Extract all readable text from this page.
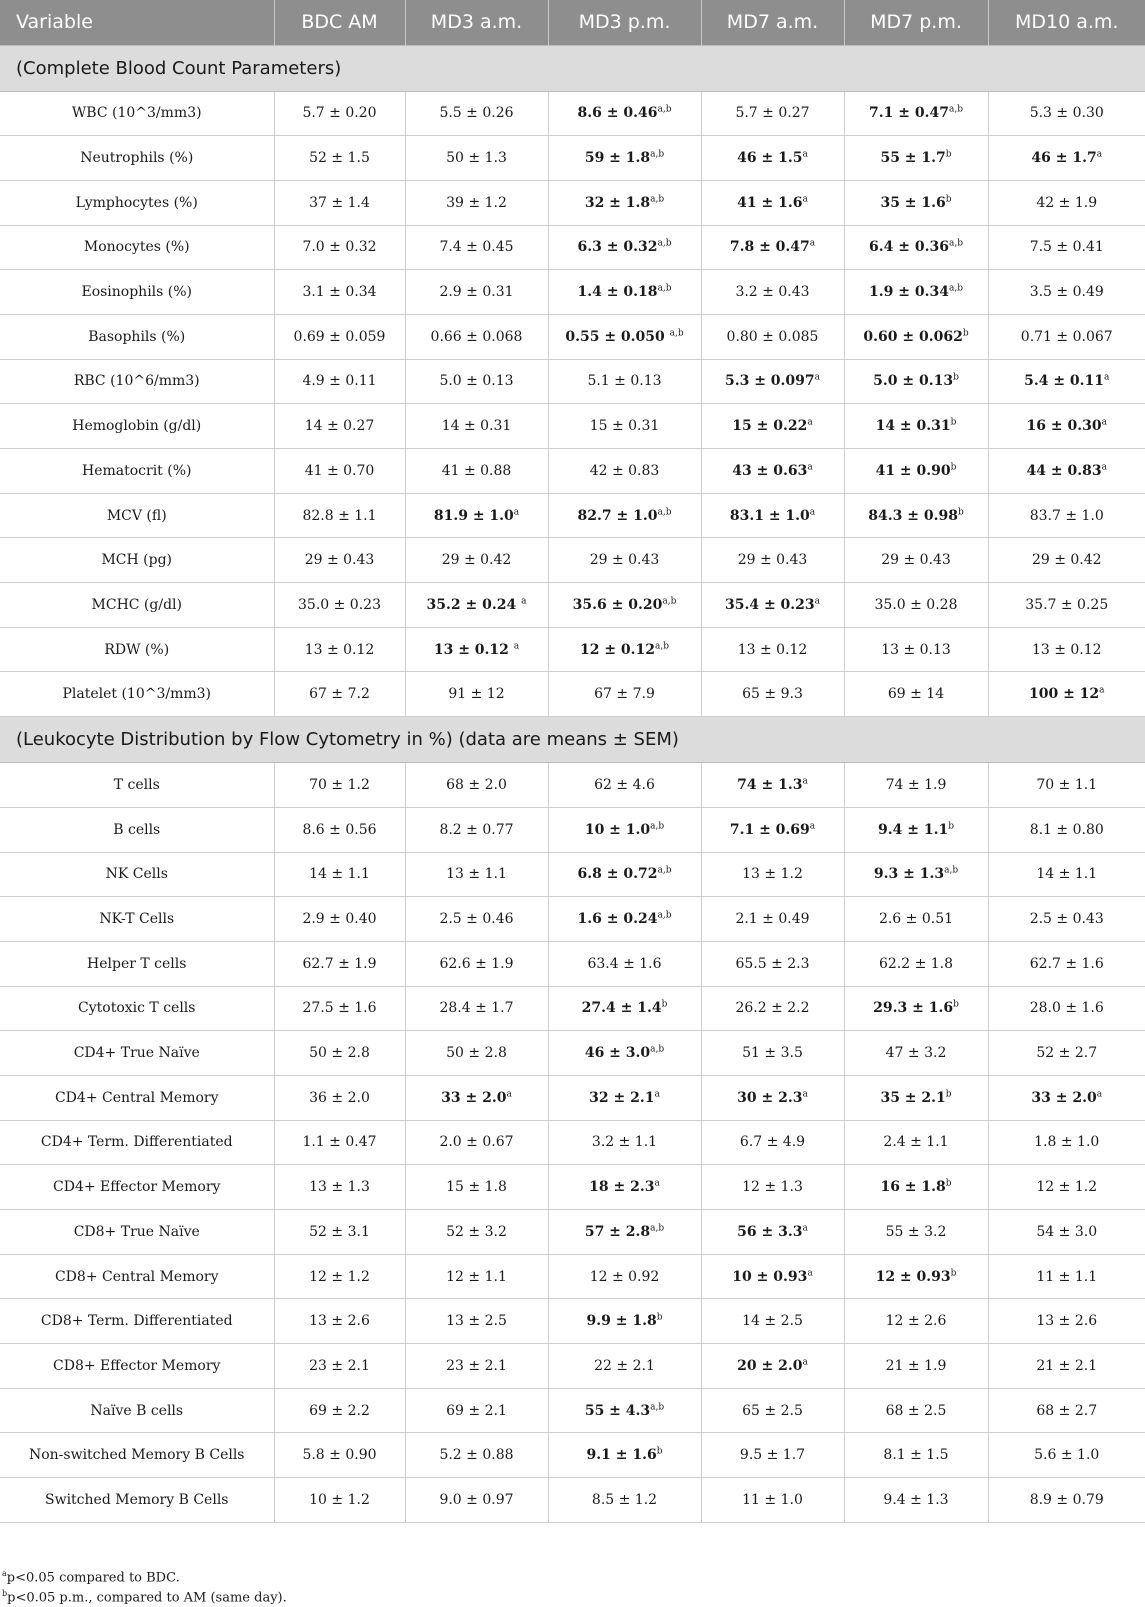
Variable	BDC AM	MD3 a.m.	MD3 p.m.	MD7 a.m.	MD7 p.m.	MD10 a.m.
(Complete Blood Count Parameters)						
WBC (10^3/mm3)	5.7 ± 0.20	5.5 ± 0.26	$8.6 \pm 0.46^{a,b}$	5.7 ± 0.27	$7.1 \pm 0.47^{a,b}$	5.3 ± 0.30
Neutrophils (%)	52 ± 1.5	50 ± 1.3	$59 \pm 1.8^{a,b}$	46 ± 1.5$^a$	55 ± 1.7$^b$	46 ± 1.7$^a$
Lymphocytes (%)	37 ± 1.4	39 ± 1.2	$32 \pm 1.8^{a,b}$	41 ± 1.6$^a$	35 ± 1.6$^b$	42 ± 1.9
Monocytes (%)	7.0 ± 0.32	7.4 ± 0.45	$6.3 \pm 0.32^{a,b}$	7.8 ± 0.47$^a$	$6.4 \pm 0.36^{a,b}$	7.5 ± 0.41
Eosinophils (%)	3.1 ± 0.34	2.9 ± 0.31	$1.4 \pm 0.18^{a,b}$	3.2 ± 0.43	$1.9 \pm 0.34^{a,b}$	3.5 ± 0.49
Basophils (%)	0.69 ± 0.059	0.66 ± 0.068	0.55 ± 0.050 $^{a,b}$	0.80 ± 0.085	0.60 ± 0.062$^b$	0.71 ± 0.067
RBC (10^6/mm3)	4.9 ± 0.11	5.0 ± 0.13	5.1 ± 0.13	5.3 ± 0.097$^a$	5.0 ± 0.13$^b$	5.4 ± 0.11$^a$
Hemoglobin (g/dl)	14 ± 0.27	14 ± 0.31	15 ± 0.31	15 ± 0.22$^a$	14 ± 0.31$^b$	16 ± 0.30$^a$
Hematocrit (%)	41 ± 0.70	41 ± 0.88	42 ± 0.83	43 ± 0.63$^a$	41 ± 0.90$^b$	44 ± 0.83$^a$
MCV (fl)	82.8 ± 1.1	81.9 ± 1.0$^a$	$82.7 \pm 1.0^{a,b}$	83.1 ± 1.0$^a$	84.3 ± 0.98$^b$	83.7 ± 1.0
MCH (pg)	29 ± 0.43	29 ± 0.42	29 ± 0.43	29 ± 0.43	29 ± 0.43	29 ± 0.42
MCHC (g/dl)	35.0 ± 0.23	35.2 ± 0.24 $^a$	$35.6 \pm 0.20^{a,b}$	35.4 ± 0.23$^a$	35.0 ± 0.28	35.7 ± 0.25
RDW (%)	13 ± 0.12	13 ± 0.12 $^a$	$12 \pm 0.12^{a,b}$	13 ± 0.12	13 ± 0.13	13 ± 0.12
Platelet (10^3/mm3)	67 ± 7.2	91 ± 12	67 ± 7.9	65 ± 9.3	69 ± 14	$100 \pm 12^a$
(Leukocyte Distribution by Flow Cytometry in %) (data are means ± SEM)						
T cells	70 ± 1.2	68 ± 2.0	62 ± 4.6	74 ± 1.3$^a$	74 ± 1.9	70 ± 1.1
B cells	8.6 ± 0.56	8.2 ± 0.77	$10 \pm 1.0^{a,b}$	7.1 ± 0.69$^a$	9.4 ± 1.1$^b$	8.1 ± 0.80
NK Cells	14 ± 1.1	13 ± 1.1	$6.8 \pm 0.72^{a,b}$	13 ± 1.2	$9.3 \pm 1.3^{a,b}$	14 ± 1.1
NK-T Cells	2.9 ± 0.40	2.5 ± 0.46	$1.6 \pm 0.24^{a,b}$	2.1 ± 0.49	2.6 ± 0.51	2.5 ± 0.43
Helper T cells	62.7 ± 1.9	62.6 ± 1.9	63.4 ± 1.6	65.5 ± 2.3	62.2 ± 1.8	62.7 ± 1.6
Cytotoxic T cells	27.5 ± 1.6	28.4 ± 1.7	27.4 ± 1.4$^b$	26.2 ± 2.2	29.3 ± 1.6$^b$	28.0 ± 1.6
CD4+ True Naïve	50 ± 2.8	50 ± 2.8	$46 \pm 3.0^{a,b}$	51 ± 3.5	47 ± 3.2	52 ± 2.7
CD4+ Central Memory	36 ± 2.0	33 ± 2.0$^a$	32 ± 2.1$^a$	30 ± 2.3$^a$	35 ± 2.1$^b$	33 ± 2.0$^a$
CD4+ Term. Differentiated	1.1 ± 0.47	2.0 ± 0.67	3.2 ± 1.1	6.7 ± 4.9	2.4 ± 1.1	1.8 ± 1.0
CD4+ Effector Memory	13 ± 1.3	15 ± 1.8	18 ± 2.3$^a$	12 ± 1.3	16 ± 1.8$^b$	12 ± 1.2
CD8+ True Naïve	52 ± 3.1	52 ± 3.2	$57 \pm 2.8^{a,b}$	56 ± 3.3$^a$	55 ± 3.2	54 ± 3.0
CD8+ Central Memory	12 ± 1.2	12 ± 1.1	12 ± 0.92	10 ± 0.93$^a$	12 ± 0.93$^b$	11 ± 1.1
CD8+ Term. Differentiated	13 ± 2.6	13 ± 2.5	9.9 ± 1.8$^b$	14 ± 2.5	12 ± 2.6	13 ± 2.6
CD8+ Effector Memory	23 ± 2.1	23 ± 2.1	22 ± 2.1	20 ± 2.0$^a$	21 ± 1.9	21 ± 2.1
Naïve B cells	69 ± 2.2	69 ± 2.1	$55 \pm 4.3^{a,b}$	65 ± 2.5	68 ± 2.5	68 ± 2.7
Non-switched Memory B Cells	5.8 ± 0.90	5.2 ± 0.88	9.1 ± 1.6$^b$	9.5 ± 1.7	8.1 ± 1.5	5.6 ± 1.0
Switched Memory B Cells	10 ± 1.2	9.0 ± 0.97	8.5 ± 1.2	11 ± 1.0	9.4 ± 1.3	8.9 ± 0.79
$^a$p<0.05 compared to BDC.
$^b$p<0.05 p.m., compared to AM (same day).
